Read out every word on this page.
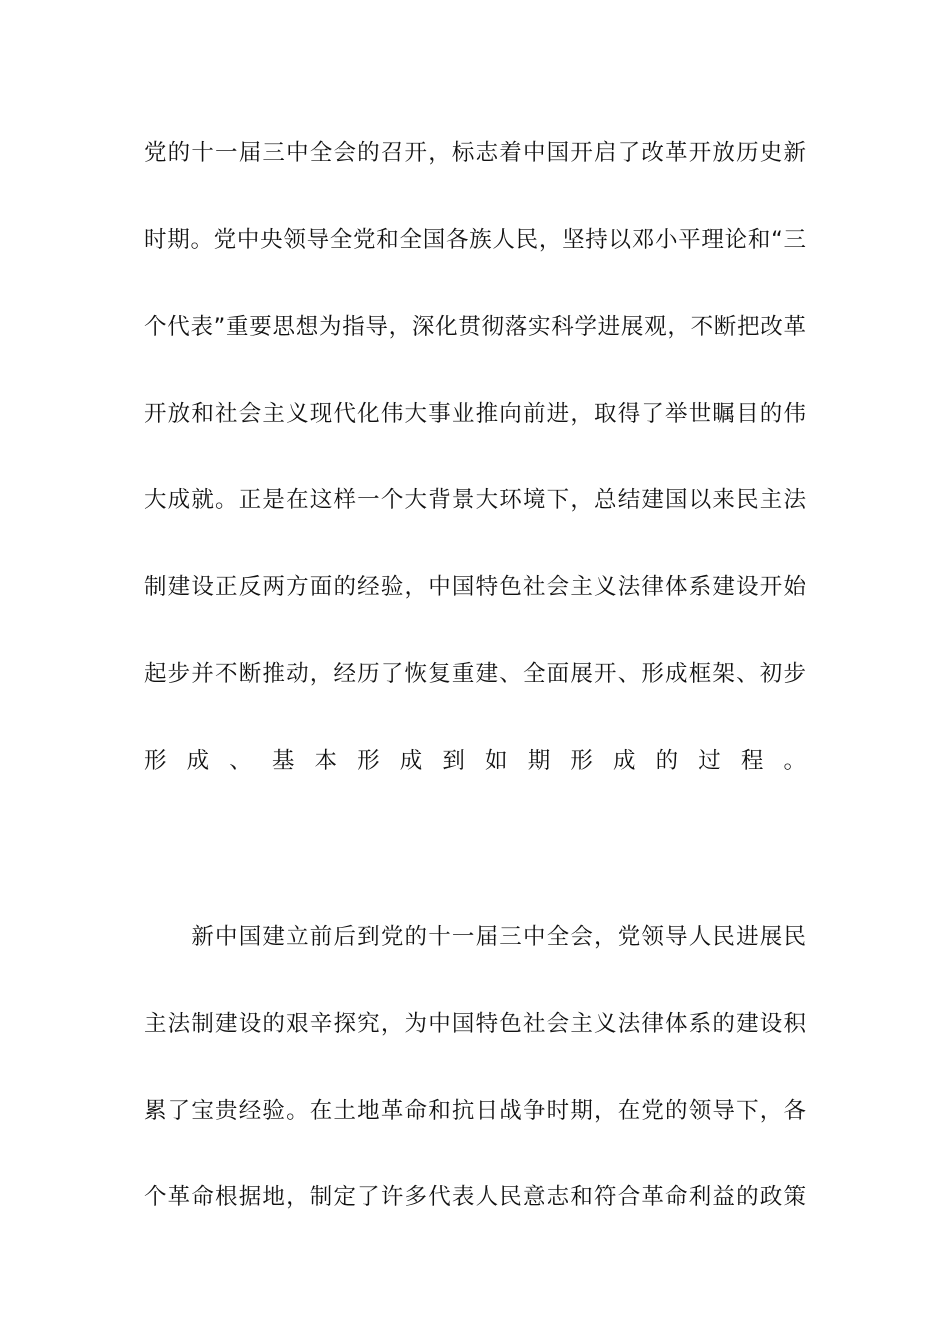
党的十一届三中全会的召开，标志着中国开启了改革开放历史新
时期。党中央领导全党和全国各族人民，坚持以邓小平理论和“三
个代表”重要思想为指导，深化贯彻落实科学进展观，不断把改革
开放和社会主义现代化伟大事业推向前进，取得了举世瞩目的伟
大成就。正是在这样一个大背景大环境下，总结建国以来民主法
制建设正反两方面的经验，中国特色社会主义法律体系建设开始
起步并不断推动，经历了恢复重建、全面展开、形成框架、初步
形 成 、 基 本 形 成 到 如 期 形 成 的 过 程 。
　　新中国建立前后到党的十一届三中全会，党领导人民进展民
主法制建设的艰辛探究，为中国特色社会主义法律体系的建设积
累了宝贵经验。在土地革命和抗日战争时期，在党的领导下，各
个革命根据地，制定了许多代表人民意志和符合革命利益的政策
